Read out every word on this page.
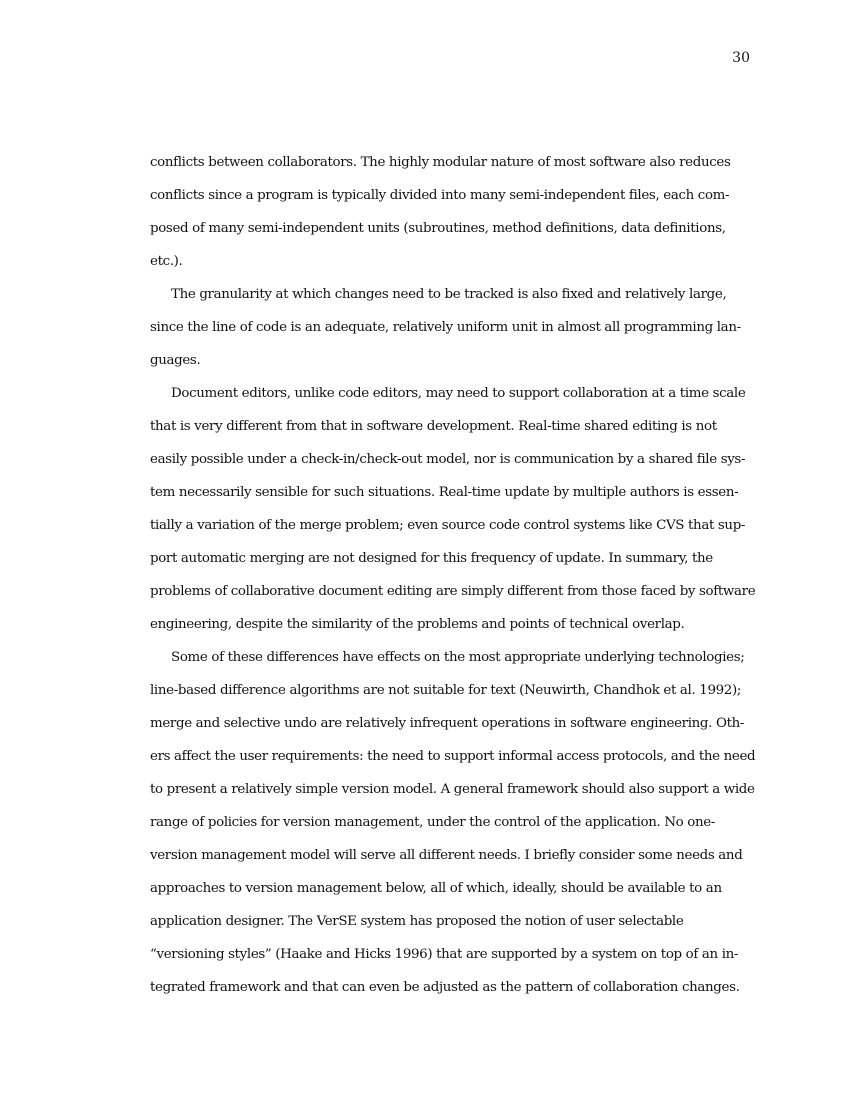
30
conflicts between collaborators. The highly modular nature of most software also reduces
conflicts since a program is typically divided into many semi-independent files, each com-
posed of many semi-independent units (subroutines, method definitions, data definitions,
etc.).
The granularity at which changes need to be tracked is also fixed and relatively large,
since the line of code is an adequate, relatively uniform unit in almost all programming lan-
guages.
Document editors, unlike code editors, may need to support collaboration at a time scale
that is very different from that in software development. Real-time shared editing is not
easily possible under a check-in/check-out model, nor is communication by a shared file sys-
tem necessarily sensible for such situations. Real-time update by multiple authors is essen-
tially a variation of the merge problem; even source code control systems like CVS that sup-
port automatic merging are not designed for this frequency of update. In summary, the
problems of collaborative document editing are simply different from those faced by software
engineering, despite the similarity of the problems and points of technical overlap.
Some of these differences have effects on the most appropriate underlying technologies;
line-based difference algorithms are not suitable for text (Neuwirth, Chandhok et al. 1992);
merge and selective undo are relatively infrequent operations in software engineering. Oth-
ers affect the user requirements: the need to support informal access protocols, and the need
to present a relatively simple version model. A general framework should also support a wide
range of policies for version management, under the control of the application. No one-
version management model will serve all different needs. I briefly consider some needs and
approaches to version management below, all of which, ideally, should be available to an
application designer. The VerSE system has proposed the notion of user selectable
“versioning styles” (Haake and Hicks 1996) that are supported by a system on top of an in-
tegrated framework and that can even be adjusted as the pattern of collaboration changes.
